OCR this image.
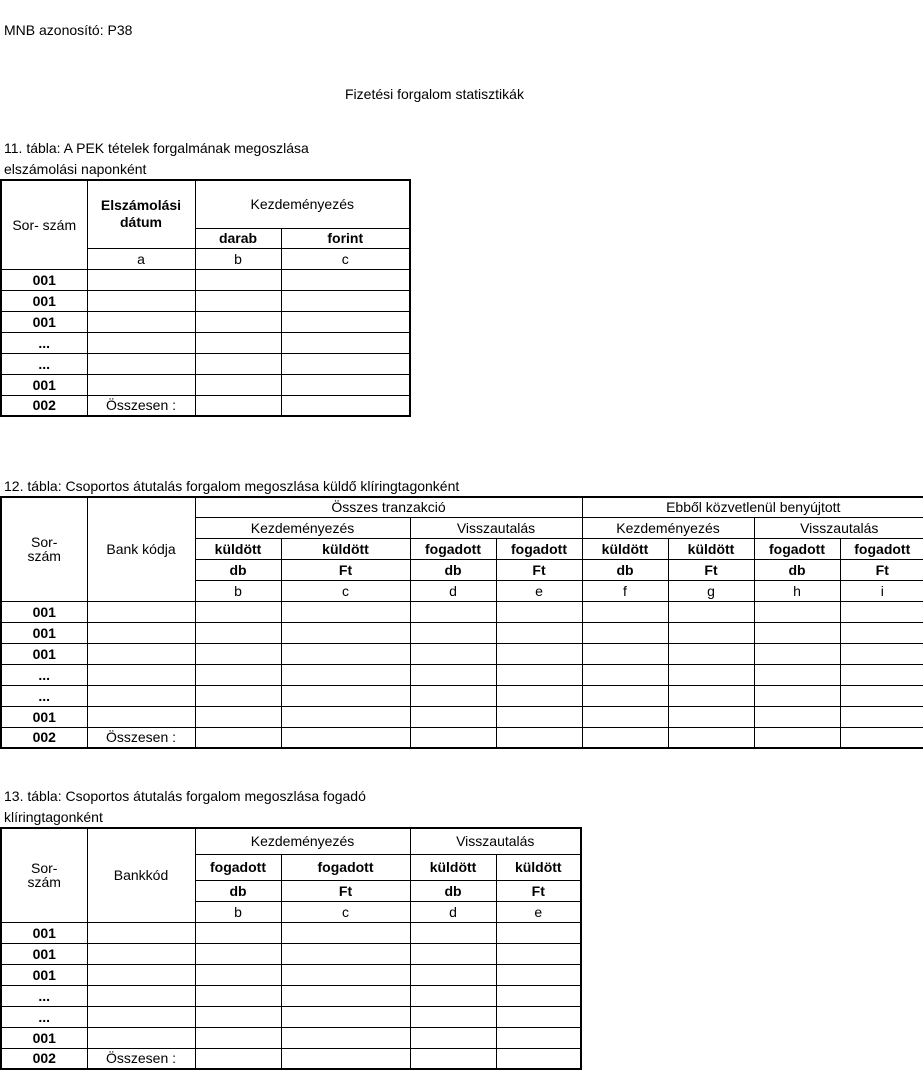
MNB azonosító: P38
Fizetési forgalom statisztikák
11. tábla: A PEK tételek forgalmának megoszlása
elszámolási naponként
Sor- szám	Elszámolási dátum	Kezdeményezés	
		darab	forint
	a	b	c
001			
001			
001			
...			
...			
001			
002	Összesen :		
12. tábla: Csoportos átutalás forgalom megoszlása küldő klíringtagonként
Sor-
szám	Bank kódja	Összes tranzakció				Ebből közvetlenül benyújtott			
		Kezdeményezés		Visszautalás		Kezdeményezés		Visszautalás	
		küldött	küldött	fogadott	fogadott	küldött	küldött	fogadott	fogadott
		db	Ft	db	Ft	db	Ft	db	Ft
		b	c	d	e	f	g	h	i
001									
001									
001									
...									
...									
001									
002	Összesen :								
13. tábla: Csoportos átutalás forgalom megoszlása fogadó
klíringtagonként
Sor-
szám	Bankkód	Kezdeményezés		Visszautalás	
		fogadott	fogadott	küldött	küldött
		db	Ft	db	Ft
		b	c	d	e
001					
001					
001					
...					
...					
001					
002	Összesen :				
